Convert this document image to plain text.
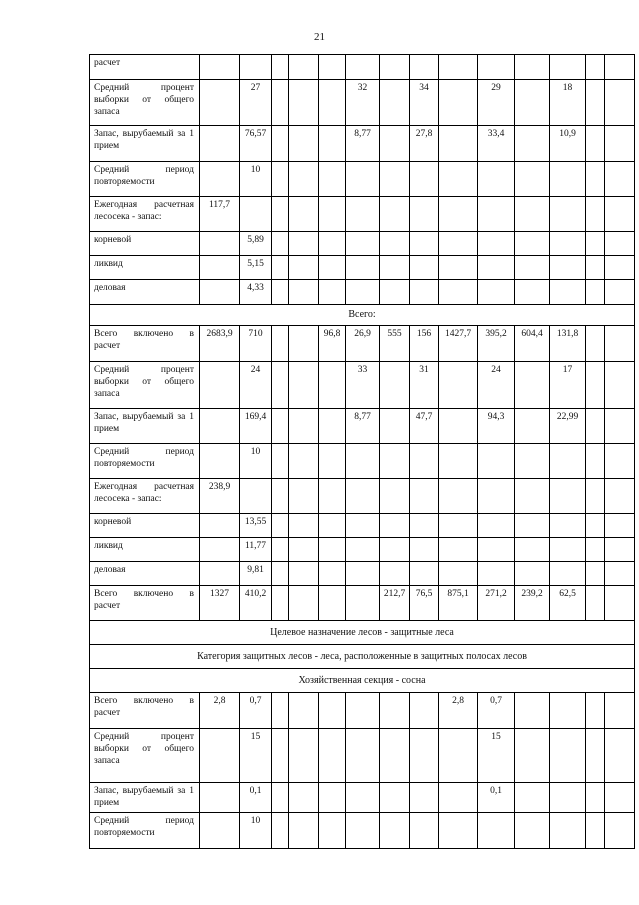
21
расчет														
Средний процент выборки от общего запаса		27				32		34		29		18		
Запас, вырубаемый за 1 прием		76,57				8,77		27,8		33,4		10,9		
Средний период повторяемости		10												
Ежегодная расчетная лесосека - запас:	117,7													
корневой		5,89												
ликвид		5,15												
деловая		4,33												
Всего:														
Всего включено в расчет	2683,9	710			96,8	26,9	555	156	1427,7	395,2	604,4	131,8		
Средний процент выборки от общего запаса		24				33		31		24		17		
Запас, вырубаемый за 1 прием		169,4				8,77		47,7		94,3		22,99		
Средний период повторяемости		10												
Ежегодная расчетная лесосека - запас:	238,9													
корневой		13,55												
ликвид		11,77												
деловая		9,81												
Всего включено в расчет	1327	410,2					212,7	76,5	875,1	271,2	239,2	62,5		
Целевое назначение лесов - защитные леса														
Категория защитных лесов - леса, расположенные в защитных полосах лесов														
Хозяйственная секция - сосна														
Всего включено в расчет	2,8	0,7							2,8	0,7				
Средний процент выборки от общего запаса		15								15				
Запас, вырубаемый за 1 прием		0,1								0,1				
Средний период повторяемости		10												
